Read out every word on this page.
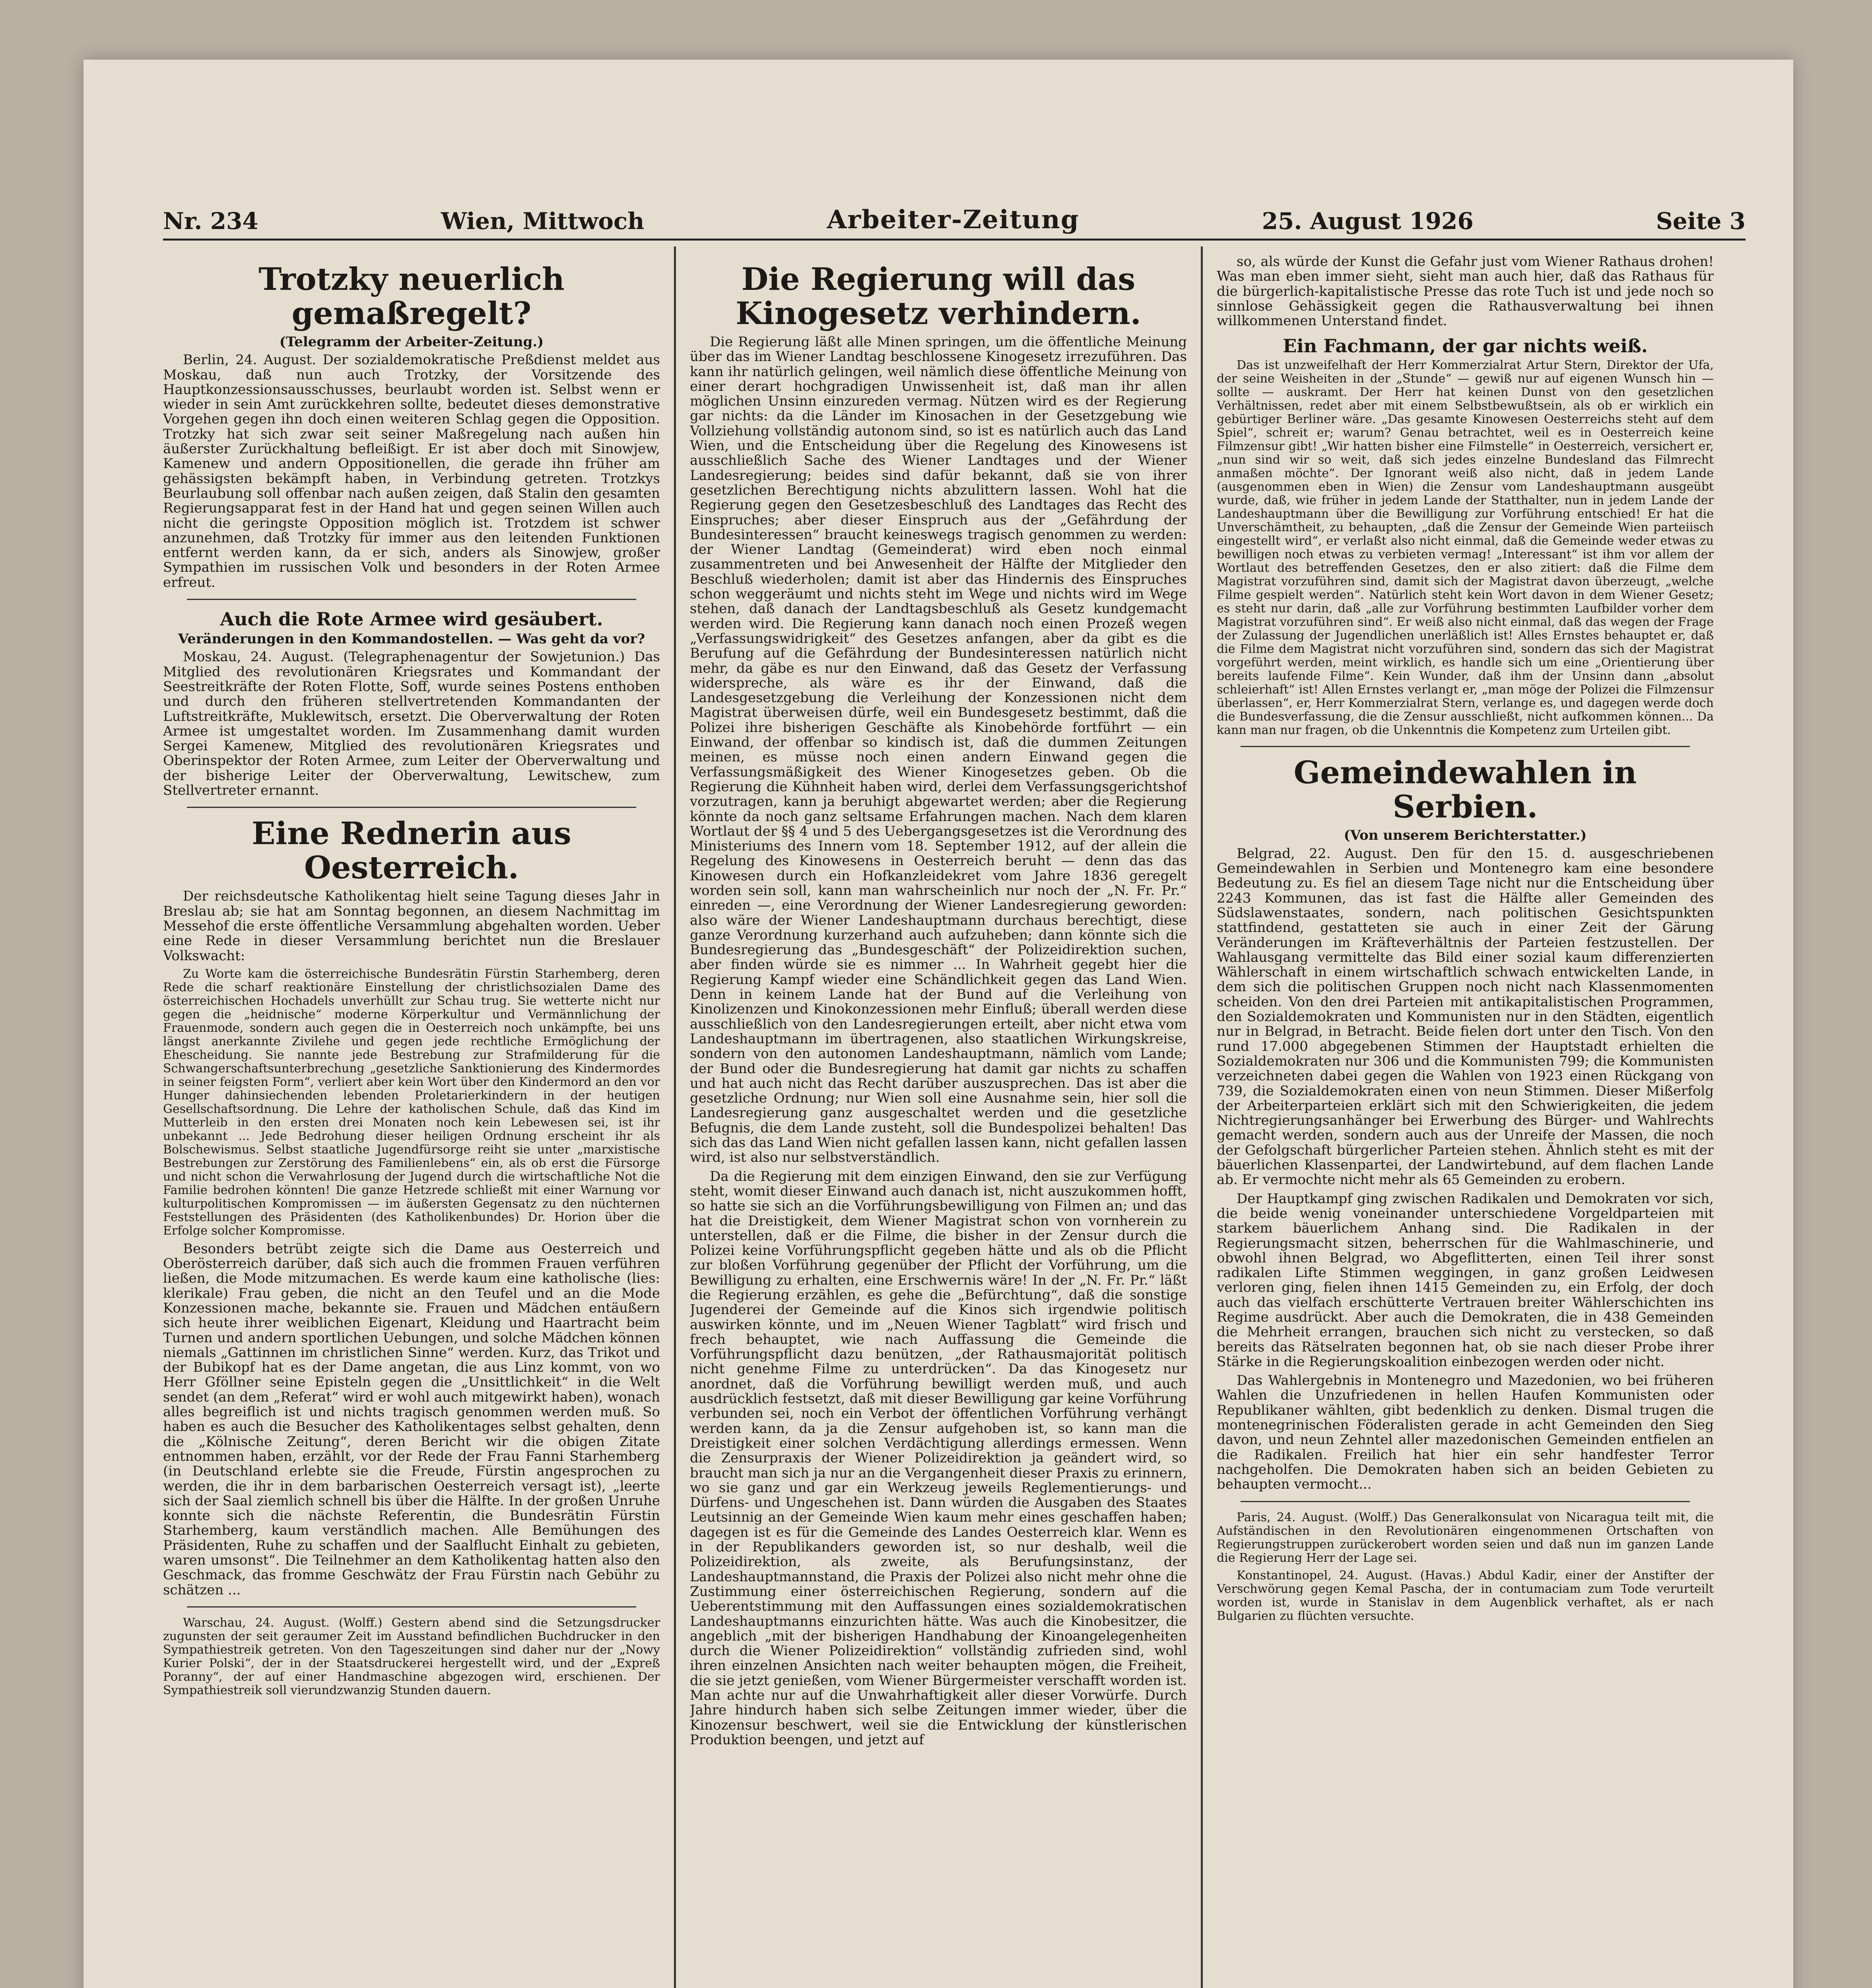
Nr. 234	Wien, Mittwoch	Arbeiter-Zeitung	25. August 1926	Seite 3
Trotzky neuerlich gemaßregelt?
(Telegramm der Arbeiter-Zeitung.)

Berlin, 24. August. Der sozialdemokratische Preßdienst meldet aus Moskau, daß nun auch Trotzky, der Vorsitzende des Hauptkonzessionsausschusses, beurlaubt worden ist. Selbst wenn er wieder in sein Amt zurückkehren sollte, bedeutet dieses demonstrative Vorgehen gegen ihn doch einen weiteren Schlag gegen die Opposition. Trotzky hat sich zwar seit seiner Maßregelung nach außen hin äußerster Zurückhaltung befleißigt. Er ist aber doch mit Sinowjew, Kamenew und andern Oppositionellen, die gerade ihn früher am gehässigsten bekämpft haben, in Verbindung getreten. Trotzkys Beurlaubung soll offenbar nach außen zeigen, daß Stalin den gesamten Regierungsapparat fest in der Hand hat und gegen seinen Willen auch nicht die geringste Opposition möglich ist. Trotzdem ist schwer anzunehmen, daß Trotzky für immer aus den leitenden Funktionen entfernt werden kann, da er sich, anders als Sinowjew, großer Sympathien im russischen Volk und besonders in der Roten Armee erfreut.

Auch die Rote Armee wird gesäubert.
Veränderungen in den Kommandostellen. — Was geht da vor?

Moskau, 24. August. (Telegraphenagentur der Sowjetunion.) Das Mitglied des revolutionären Kriegsrates und Kommandant der Seestreitkräfte der Roten Flotte, Soff, wurde seines Postens enthoben und durch den früheren stellvertretenden Kommandanten der Luftstreitkräfte, Muklewitsch, ersetzt. Die Oberverwaltung der Roten Armee ist umgestaltet worden. Im Zusammenhang damit wurden Sergei Kamenew, Mitglied des revolutionären Kriegsrates und Oberinspektor der Roten Armee, zum Leiter der Oberverwaltung und der bisherige Leiter der Oberverwaltung, Lewitschew, zum Stellvertreter ernannt.

Eine Rednerin aus Oesterreich.

Der reichsdeutsche Katholikentag hielt seine Tagung dieses Jahr in Breslau ab; sie hat am Sonntag begonnen, an diesem Nachmittag im Messehof die erste öffentliche Versammlung abgehalten worden. Ueber eine Rede in dieser Versammlung berichtet nun die Breslauer Volkswacht:

Zu Worte kam die österreichische Bundesrätin Fürstin Starhemberg, deren Rede die scharf reaktionäre Einstellung der christlichsozialen Dame des österreichischen Hochadels unverhüllt zur Schau trug. Sie wetterte nicht nur gegen die „heidnische“ moderne Körperkultur und Vermännlichung der Frauenmode, sondern auch gegen die in Oesterreich noch unkämpfte, bei uns längst anerkannte Zivilehe und gegen jede rechtliche Ermöglichung der Ehescheidung. Sie nannte jede Bestrebung zur Strafmilderung für die Schwangerschaftsunterbrechung „gesetzliche Sanktionierung des Kindermordes in seiner feigsten Form“, verliert aber kein Wort über den Kindermord an den vor Hunger dahinsiechenden lebenden Proletarierkindern in der heutigen Gesellschaftsordnung. Die Lehre der katholischen Schule, daß das Kind im Mutterleib in den ersten drei Monaten noch kein Lebewesen sei, ist ihr unbekannt ... Jede Bedrohung dieser heiligen Ordnung erscheint ihr als Bolschewismus. Selbst staatliche Jugendfürsorge reiht sie unter „marxistische Bestrebungen zur Zerstörung des Familienlebens“ ein, als ob erst die Fürsorge und nicht schon die Verwahrlosung der Jugend durch die wirtschaftliche Not die Familie bedrohen könnten! Die ganze Hetzrede schließt mit einer Warnung vor kulturpolitischen Kompromissen — im äußersten Gegensatz zu den nüchternen Feststellungen des Präsidenten (des Katholikenbundes) Dr. Horion über die Erfolge solcher Kompromisse.

Besonders betrübt zeigte sich die Dame aus Oesterreich und Oberösterreich darüber, daß sich auch die frommen Frauen verführen ließen, die Mode mitzumachen. Es werde kaum eine katholische (lies: klerikale) Frau geben, die nicht an den Teufel und an die Mode Konzessionen mache, bekannte sie. Frauen und Mädchen entäußern sich heute ihrer weiblichen Eigenart, Kleidung und Haartracht beim Turnen und andern sportlichen Uebungen, und solche Mädchen können niemals „Gattinnen im christlichen Sinne“ werden. Kurz, das Trikot und der Bubikopf hat es der Dame angetan, die aus Linz kommt, von wo Herr Gföllner seine Episteln gegen die „Unsittlichkeit“ in die Welt sendet (an dem „Referat“ wird er wohl auch mitgewirkt haben), wonach alles begreiflich ist und nichts tragisch genommen werden muß. So haben es auch die Besucher des Katholikentages selbst gehalten, denn die „Kölnische Zeitung“, deren Bericht wir die obigen Zitate entnommen haben, erzählt, vor der Rede der Frau Fanni Starhemberg (in Deutschland erlebte sie die Freude, Fürstin angesprochen zu werden, die ihr in dem barbarischen Oesterreich versagt ist), „leerte sich der Saal ziemlich schnell bis über die Hälfte. In der großen Unruhe konnte sich die nächste Referentin, die Bundesrätin Fürstin Starhemberg, kaum verständlich machen. Alle Bemühungen des Präsidenten, Ruhe zu schaffen und der Saalflucht Einhalt zu gebieten, waren umsonst“. Die Teilnehmer an dem Katholikentag hatten also den Geschmack, das fromme Geschwätz der Frau Fürstin nach Gebühr zu schätzen ...

Warschau, 24. August. (Wolff.) Gestern abend sind die Setzungsdrucker zugunsten der seit geraumer Zeit im Ausstand befindlichen Buchdrucker in den Sympathiestreik getreten. Von den Tageszeitungen sind daher nur der „Nowy Kurier Polski“, der in der Staatsdruckerei hergestellt wird, und der „Expreß Poranny“, der auf einer Handmaschine abgezogen wird, erschienen. Der Sympathiestreik soll vierundzwanzig Stunden dauern.

Die Regierung will das Kinogesetz verhindern.

Die Regierung läßt alle Minen springen, um die öffentliche Meinung über das im Wiener Landtag beschlossene Kinogesetz irrezuführen. Das kann ihr natürlich gelingen, weil nämlich diese öffentliche Meinung von einer derart hochgradigen Unwissenheit ist, daß man ihr allen möglichen Unsinn einzureden vermag. Nützen wird es der Regierung gar nichts: da die Länder im Kinosachen in der Gesetzgebung wie Vollziehung vollständig autonom sind, so ist es natürlich auch das Land Wien, und die Entscheidung über die Regelung des Kinowesens ist ausschließlich Sache des Wiener Landtages und der Wiener Landesregierung; beides sind dafür bekannt, daß sie von ihrer gesetzlichen Berechtigung nichts abzulittern lassen. Wohl hat die Regierung gegen den Gesetzesbeschluß des Landtages das Recht des Einspruches; aber dieser Einspruch aus der „Gefährdung der Bundesinteressen“ braucht keineswegs tragisch genommen zu werden: der Wiener Landtag (Gemeinderat) wird eben noch einmal zusammentreten und bei Anwesenheit der Hälfte der Mitglieder den Beschluß wiederholen; damit ist aber das Hindernis des Einspruches schon weggeräumt und nichts steht im Wege und nichts wird im Wege stehen, daß danach der Landtagsbeschluß als Gesetz kundgemacht werden wird. Die Regierung kann danach noch einen Prozeß wegen „Verfassungswidrigkeit“ des Gesetzes anfangen, aber da gibt es die Berufung auf die Gefährdung der Bundesinteressen natürlich nicht mehr, da gäbe es nur den Einwand, daß das Gesetz der Verfassung widerspreche, als wäre es ihr der Einwand, daß die Landesgesetzgebung die Verleihung der Konzessionen nicht dem Magistrat überweisen dürfe, weil ein Bundesgesetz bestimmt, daß die Polizei ihre bisherigen Geschäfte als Kinobehörde fortführt — ein Einwand, der offenbar so kindisch ist, daß die dummen Zeitungen meinen, es müsse noch einen andern Einwand gegen die Verfassungsmäßigkeit des Wiener Kinogesetzes geben. Ob die Regierung die Kühnheit haben wird, derlei dem Verfassungsgerichtshof vorzutragen, kann ja beruhigt abgewartet werden; aber die Regierung könnte da noch ganz seltsame Erfahrungen machen. Nach dem klaren Wortlaut der §§ 4 und 5 des Uebergangsgesetzes ist die Verordnung des Ministeriums des Innern vom 18. September 1912, auf der allein die Regelung des Kinowesens in Oesterreich beruht — denn das das Kinowesen durch ein Hofkanzleidekret vom Jahre 1836 geregelt worden sein soll, kann man wahrscheinlich nur noch der „N. Fr. Pr.“ einreden —, eine Verordnung der Wiener Landesregierung geworden: also wäre der Wiener Landeshauptmann durchaus berechtigt, diese ganze Verordnung kurzerhand auch aufzuheben; dann könnte sich die Bundesregierung das „Bundesgeschäft“ der Polizeidirektion suchen, aber finden würde sie es nimmer ... In Wahrheit gegebt hier die Regierung Kampf wieder eine Schändlichkeit gegen das Land Wien. Denn in keinem Lande hat der Bund auf die Verleihung von Kinolizenzen und Kinokonzessionen mehr Einfluß; überall werden diese ausschließlich von den Landesregierungen erteilt, aber nicht etwa vom Landeshauptmann im übertragenen, also staatlichen Wirkungskreise, sondern von den autonomen Landeshauptmann, nämlich vom Lande; der Bund oder die Bundesregierung hat damit gar nichts zu schaffen und hat auch nicht das Recht darüber auszusprechen. Das ist aber die gesetzliche Ordnung; nur Wien soll eine Ausnahme sein, hier soll die Landesregierung ganz ausgeschaltet werden und die gesetzliche Befugnis, die dem Lande zusteht, soll die Bundespolizei behalten! Das sich das das Land Wien nicht gefallen lassen kann, nicht gefallen lassen wird, ist also nur selbstverständlich.

Da die Regierung mit dem einzigen Einwand, den sie zur Verfügung steht, womit dieser Einwand auch danach ist, nicht auszukommen hofft, so hatte sie sich an die Vorführungsbewilligung von Filmen an; und das hat die Dreistigkeit, dem Wiener Magistrat schon von vornherein zu unterstellen, daß er die Filme, die bisher in der Zensur durch die Polizei keine Vorführungspflicht gegeben hätte und als ob die Pflicht zur bloßen Vorführung gegenüber der Pflicht der Vorführung, um die Bewilligung zu erhalten, eine Erschwernis wäre! In der „N. Fr. Pr.“ läßt die Regierung erzählen, es gehe die „Befürchtung“, daß die sonstige Jugenderei der Gemeinde auf die Kinos sich irgendwie politisch auswirken könnte, und im „Neuen Wiener Tagblatt“ wird frisch und frech behauptet, wie nach Auffassung die Gemeinde die Vorführungspflicht dazu benützen, „der Rathausmajorität politisch nicht genehme Filme zu unterdrücken“. Da das Kinogesetz nur anordnet, daß die Vorführung bewilligt werden muß, und auch ausdrücklich festsetzt, daß mit dieser Bewilligung gar keine Vorführung verbunden sei, noch ein Verbot der öffentlichen Vorführung verhängt werden kann, da ja die Zensur aufgehoben ist, so kann man die Dreistigkeit einer solchen Verdächtigung allerdings ermessen. Wenn die Zensurpraxis der Wiener Polizeidirektion ja geändert wird, so braucht man sich ja nur an die Vergangenheit dieser Praxis zu erinnern, wo sie ganz und gar ein Werkzeug jeweils Reglementierungs- und Dürfens- und Ungeschehen ist. Dann würden die Ausgaben des Staates Leutsinnig an der Gemeinde Wien kaum mehr eines geschaffen haben; dagegen ist es für die Gemeinde des Landes Oesterreich klar. Wenn es in der Republikanders geworden ist, so nur deshalb, weil die Polizeidirektion, als zweite, als Berufungsinstanz, der Landeshauptmannstand, die Praxis der Polizei also nicht mehr ohne die Zustimmung einer österreichischen Regierung, sondern auf die Ueberentstimmung mit den Auffassungen eines sozialdemokratischen Landeshauptmanns einzurichten hätte. Was auch die Kinobesitzer, die angeblich „mit der bisherigen Handhabung der Kinoangelegenheiten durch die Wiener Polizeidirektion“ vollständig zufrieden sind, wohl ihren einzelnen Ansichten nach weiter behaupten mögen, die Freiheit, die sie jetzt genießen, vom Wiener Bürgermeister verschafft worden ist. Man achte nur auf die Unwahrhaftigkeit aller dieser Vorwürfe. Durch Jahre hindurch haben sich selbe Zeitungen immer wieder, über die Kinozensur beschwert, weil sie die Entwicklung der künstlerischen Produktion beengen, und jetzt auf

so, als würde der Kunst die Gefahr just vom Wiener Rathaus drohen! Was man eben immer sieht, sieht man auch hier, daß das Rathaus für die bürgerlich-kapitalistische Presse das rote Tuch ist und jede noch so sinnlose Gehässigkeit gegen die Rathausverwaltung bei ihnen willkommenen Unterstand findet.

Ein Fachmann, der gar nichts weiß.

Das ist unzweifelhaft der Herr Kommerzialrat Artur Stern, Direktor der Ufa, der seine Weisheiten in der „Stunde“ — gewiß nur auf eigenen Wunsch hin — sollte — auskramt. Der Herr hat keinen Dunst von den gesetzlichen Verhältnissen, redet aber mit einem Selbstbewußtsein, als ob er wirklich ein gebürtiger Berliner wäre. „Das gesamte Kinowesen Oesterreichs steht auf dem Spiel“, schreit er; warum? Genau betrachtet, weil es in Oesterreich keine Filmzensur gibt! „Wir hatten bisher eine Filmstelle“ in Oesterreich, versichert er, „nun sind wir so weit, daß sich jedes einzelne Bundesland das Filmrecht anmaßen möchte“. Der Ignorant weiß also nicht, daß in jedem Lande (ausgenommen eben in Wien) die Zensur vom Landeshauptmann ausgeübt wurde, daß, wie früher in jedem Lande der Statthalter, nun in jedem Lande der Landeshauptmann über die Bewilligung zur Vorführung entschied! Er hat die Unverschämtheit, zu behaupten, „daß die Zensur der Gemeinde Wien parteiisch eingestellt wird“, er verlaßt also nicht einmal, daß die Gemeinde weder etwas zu bewilligen noch etwas zu verbieten vermag! „Interessant“ ist ihm vor allem der Wortlaut des betreffenden Gesetzes, den er also zitiert: daß die Filme dem Magistrat vorzuführen sind, damit sich der Magistrat davon überzeugt, „welche Filme gespielt werden“. Natürlich steht kein Wort davon in dem Wiener Gesetz; es steht nur darin, daß „alle zur Vorführung bestimmten Laufbilder vorher dem Magistrat vorzuführen sind“. Er weiß also nicht einmal, daß das wegen der Frage der Zulassung der Jugendlichen unerläßlich ist! Alles Ernstes behauptet er, daß die Filme dem Magistrat nicht vorzuführen sind, sondern das sich der Magistrat vorgeführt werden, meint wirklich, es handle sich um eine „Orientierung über bereits laufende Filme“. Kein Wunder, daß ihm der Unsinn dann „absolut schleierhaft“ ist! Allen Ernstes verlangt er, „man möge der Polizei die Filmzensur überlassen“, er, Herr Kommerzialrat Stern, verlange es, und dagegen werde doch die Bundesverfassung, die die Zensur ausschließt, nicht aufkommen können... Da kann man nur fragen, ob die Unkenntnis die Kompetenz zum Urteilen gibt.

Gemeindewahlen in Serbien.
(Von unserem Berichterstatter.)

Belgrad, 22. August. Den für den 15. d. ausgeschriebenen Gemeindewahlen in Serbien und Montenegro kam eine besondere Bedeutung zu. Es fiel an diesem Tage nicht nur die Entscheidung über 2243 Kommunen, das ist fast die Hälfte aller Gemeinden des Südslawenstaates, sondern, nach politischen Gesichtspunkten stattfindend, gestatteten sie auch in einer Zeit der Gärung Veränderungen im Kräfteverhältnis der Parteien festzustellen. Der Wahlausgang vermittelte das Bild einer sozial kaum differenzierten Wählerschaft in einem wirtschaftlich schwach entwickelten Lande, in dem sich die politischen Gruppen noch nicht nach Klassenmomenten scheiden. Von den drei Parteien mit antikapitalistischen Programmen, den Sozialdemokraten und Kommunisten nur in den Städten, eigentlich nur in Belgrad, in Betracht. Beide fielen dort unter den Tisch. Von den rund 17.000 abgegebenen Stimmen der Hauptstadt erhielten die Sozialdemokraten nur 306 und die Kommunisten 799; die Kommunisten verzeichneten dabei gegen die Wahlen von 1923 einen Rückgang von 739, die Sozialdemokraten einen von neun Stimmen. Dieser Mißerfolg der Arbeiterparteien erklärt sich mit den Schwierigkeiten, die jedem Nichtregierungsanhänger bei Erwerbung des Bürger- und Wahlrechts gemacht werden, sondern auch aus der Unreife der Massen, die noch der Gefolgschaft bürgerlicher Parteien stehen. Ähnlich steht es mit der bäuerlichen Klassenpartei, der Landwirtebund, auf dem flachen Lande ab. Er vermochte nicht mehr als 65 Gemeinden zu erobern.

Der Hauptkampf ging zwischen Radikalen und Demokraten vor sich, die beide wenig voneinander unterschiedene Vorgeldparteien mit starkem bäuerlichem Anhang sind. Die Radikalen in der Regierungsmacht sitzen, beherrschen für die Wahlmaschinerie, und obwohl ihnen Belgrad, wo Abgeflitterten, einen Teil ihrer sonst radikalen Lifte Stimmen weggingen, in ganz großen Leidwesen verloren ging, fielen ihnen 1415 Gemeinden zu, ein Erfolg, der doch auch das vielfach erschütterte Vertrauen breiter Wählerschichten ins Regime ausdrückt. Aber auch die Demokraten, die in 438 Gemeinden die Mehrheit errangen, brauchen sich nicht zu verstecken, so daß bereits das Rätselraten begonnen hat, ob sie nach dieser Probe ihrer Stärke in die Regierungskoalition einbezogen werden oder nicht.

Das Wahlergebnis in Montenegro und Mazedonien, wo bei früheren Wahlen die Unzufriedenen in hellen Haufen Kommunisten oder Republikaner wählten, gibt bedenklich zu denken. Dismal trugen die montenegrinischen Föderalisten gerade in acht Gemeinden den Sieg davon, und neun Zehntel aller mazedonischen Gemeinden entfielen an die Radikalen. Freilich hat hier ein sehr handfester Terror nachgeholfen. Die Demokraten haben sich an beiden Gebieten zu behaupten vermocht...

Paris, 24. August. (Wolff.) Das Generalkonsulat von Nicaragua teilt mit, die Aufständischen in den Revolutionären eingenommenen Ortschaften von Regierungstruppen zurückerobert worden seien und daß nun im ganzen Lande die Regierung Herr der Lage sei.

Konstantinopel, 24. August. (Havas.) Abdul Kadir, einer der Anstifter der Verschwörung gegen Kemal Pascha, der in contumaciam zum Tode verurteilt worden ist, wurde in Stanislav in dem Augenblick verhaftet, als er nach Bulgarien zu flüchten versuchte.
